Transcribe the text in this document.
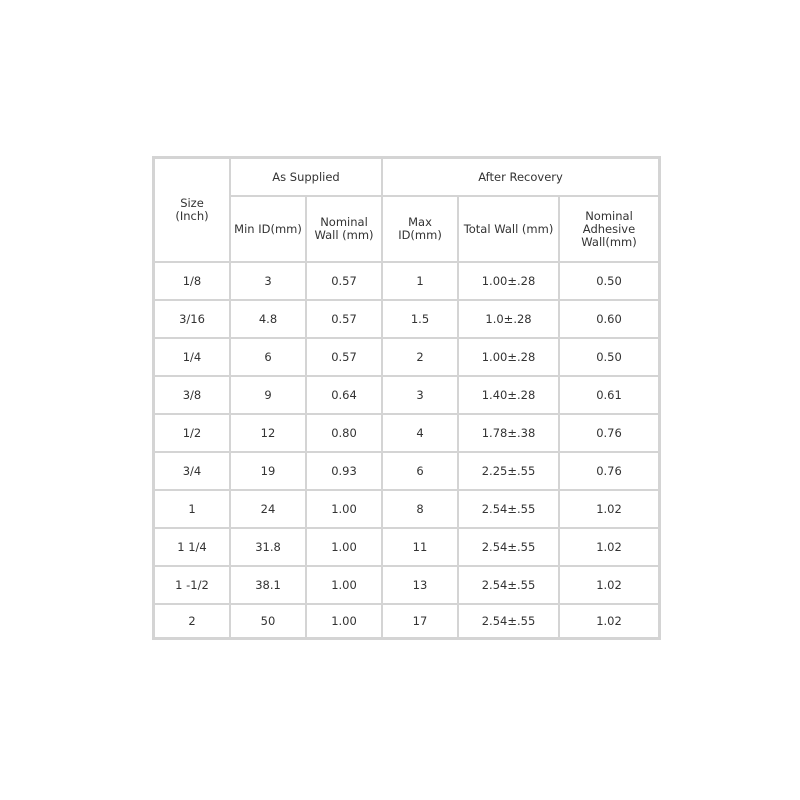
Size (Inch)	As Supplied		After Recovery		
	Min ID(mm)	Nominal Wall (mm)	Max ID(mm)	Total Wall (mm)	Nominal Adhesive Wall(mm)
1/8	3	0.57	1	1.00±.28	0.50
3/16	4.8	0.57	1.5	1.0±.28	0.60
1/4	6	0.57	2	1.00±.28	0.50
3/8	9	0.64	3	1.40±.28	0.61
1/2	12	0.80	4	1.78±.38	0.76
3/4	19	0.93	6	2.25±.55	0.76
1	24	1.00	8	2.54±.55	1.02
1 1/4	31.8	1.00	11	2.54±.55	1.02
1 -1/2	38.1	1.00	13	2.54±.55	1.02
2	50	1.00	17	2.54±.55	1.02
